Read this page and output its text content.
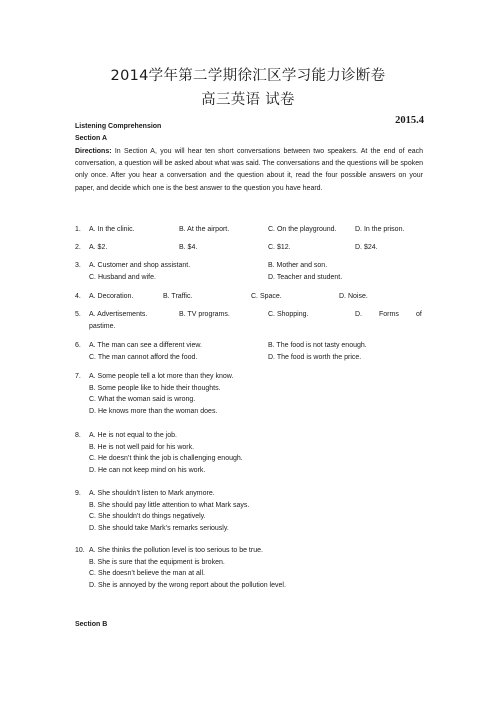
2014学年第二学期徐汇区学习能力诊断卷
高三英语 试卷
2015.4
Listening Comprehension
Section A
Directions: In Section A, you will hear ten short conversations between two speakers. At the end of each conversation, a question will be asked about what was said. The conversations and the questions will be spoken only once. After you hear a conversation and the question about it, read the four possible answers on your paper, and decide which one is the best answer to the question you have heard.
1. A. In the clinic.	B. At the airport.	C. On the playground.	D. In the prison.
2. A. $2.	B. $4.	C. $12.	D. $24.
3. A. Customer and shop assistant.	B. Mother and son.
C. Husband and wife.	D. Teacher and student.
4. A. Decoration.	B. Traffic.	C. Space.	D. Noise.
5. A. Advertisements.	B. TV programs.	C. Shopping.	D. Forms of
pastime.
6. A. The man can see a different view.	B. The food is not tasty enough.
C. The man cannot afford the food.	D. The food is worth the price.
7. A. Some people tell a lot more than they know.
B. Some people like to hide their thoughts.
C. What the woman said is wrong.
D. He knows more than the woman does.
8. A. He is not equal to the job.
B. He is not well paid for his work.
C. He doesn’t think the job is challenging enough.
D. He can not keep mind on his work.
9. A. She shouldn’t listen to Mark anymore.
B. She should pay little attention to what Mark says.
C. She shouldn’t do things negatively.
D. She should take Mark’s remarks seriously.
10. A. She thinks the pollution level is too serious to be true.
B. She is sure that the equipment is broken.
C. She doesn’t believe the man at all.
D. She is annoyed by the wrong report about the pollution level.
Section B
